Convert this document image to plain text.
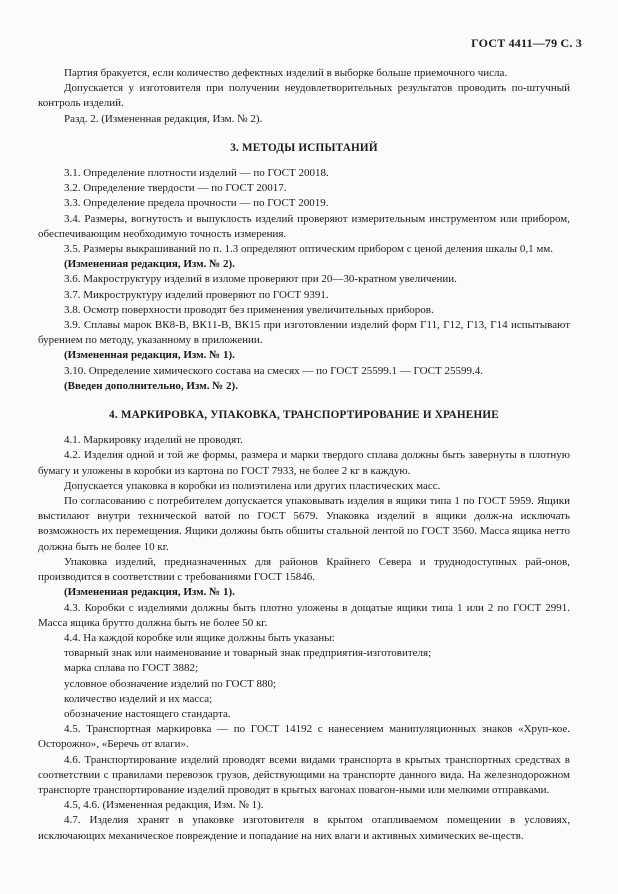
ГОСТ 4411—79 С. 3

Партия бракуется, если количество дефектных изделий в выборке больше приемочного числа.

Допускается у изготовителя при получении неудовлетворительных результатов проводить по-штучный контроль изделий.

Разд. 2. (Измененная редакция, Изм. № 2).

3. МЕТОДЫ ИСПЫТАНИЙ

3.1. Определение плотности изделий — по ГОСТ 20018.

3.2. Определение твердости — по ГОСТ 20017.

3.3. Определение предела прочности — по ГОСТ 20019.

3.4. Размеры, вогнутость и выпуклость изделий проверяют измерительным инструментом или прибором, обеспечивающим необходимую точность измерения.

3.5. Размеры выкрашиваний по п. 1.3 определяют оптическим прибором с ценой деления шкалы 0,1 мм.

(Измененная редакция, Изм. № 2).

3.6. Макроструктуру изделий в изломе проверяют при 20—30-кратном увеличении.

3.7. Микроструктуру изделий проверяют по ГОСТ 9391.

3.8. Осмотр поверхности проводят без применения увеличительных приборов.

3.9. Сплавы марок ВК8-В, ВК11-В, ВК15 при изготовлении изделий форм Г11, Г12, Г13, Г14 испытывают бурением по методу, указанному в приложении.

(Измененная редакция, Изм. № 1).

3.10. Определение химического состава на смесях — по ГОСТ 25599.1 — ГОСТ 25599.4.

(Введен дополнительно, Изм. № 2).

4. МАРКИРОВКА, УПАКОВКА, ТРАНСПОРТИРОВАНИЕ И ХРАНЕНИЕ

4.1. Маркировку изделий не проводят.

4.2. Изделия одной и той же формы, размера и марки твердого сплава должны быть завернуты в плотную бумагу и уложены в коробки из картона по ГОСТ 7933, не более 2 кг в каждую.

Допускается упаковка в коробки из полиэтилена или других пластических масс.

По согласованию с потребителем допускается упаковывать изделия в ящики типа 1 по ГОСТ 5959. Ящики выстилают внутри технической ватой по ГОСТ 5679. Упаковка изделий в ящики долж-на исключать возможность их перемещения. Ящики должны быть обшиты стальной лентой по ГОСТ 3560. Масса ящика нетто должна быть не более 10 кг.

Упаковка изделий, предназначенных для районов Крайнего Севера и труднодоступных рай-онов, производится в соответствии с требованиями ГОСТ 15846.

(Измененная редакция, Изм. № 1).

4.3. Коробки с изделиями должны быть плотно уложены в дощатые ящики типа 1 или 2 по ГОСТ 2991. Масса ящика брутто должна быть не более 50 кг.

4.4. На каждой коробке или ящике должны быть указаны:

товарный знак или наименование и товарный знак предприятия-изготовителя;

марка сплава по ГОСТ 3882;

условное обозначение изделий по ГОСТ 880;

количество изделий и их масса;

обозначение настоящего стандарта.

4.5. Транспортная маркировка — по ГОСТ 14192 с нанесением манипуляционных знаков «Хруп-кое. Осторожно», «Беречь от влаги».

4.6. Транспортирование изделий проводят всеми видами транспорта в крытых транспортных средствах в соответствии с правилами перевозок грузов, действующими на транспорте данного вида. На железнодорожном транспорте транспортирование изделий проводят в крытых вагонах повагон-ными или мелкими отправками.

4.5, 4.6. (Измененная редакция, Изм. № 1).

4.7. Изделия хранят в упаковке изготовителя в крытом отапливаемом помещении в условиях, исключающих механическое повреждение и попадание на них влаги и активных химических ве-ществ.
